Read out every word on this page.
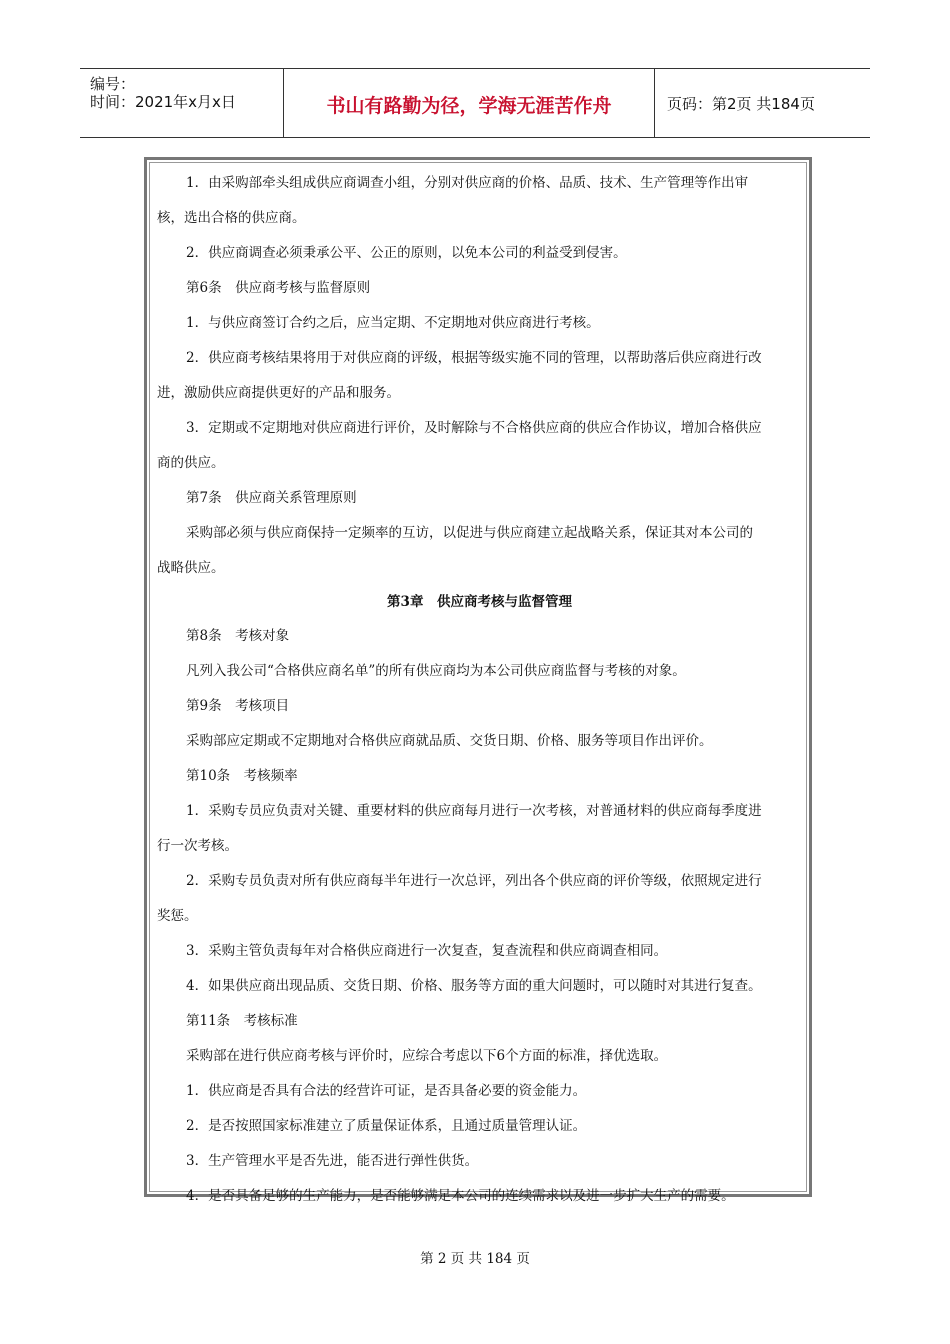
编号：
时间：2021年x月x日	书山有路勤为径，学海无涯苦作舟	页码：第2页 共184页

1．由采购部牵头组成供应商调查小组，分别对供应商的价格、品质、技术、生产管理等作出审

核，选出合格的供应商。

2．供应商调查必须秉承公平、公正的原则，以免本公司的利益受到侵害。

第6条　供应商考核与监督原则

1．与供应商签订合约之后，应当定期、不定期地对供应商进行考核。

2．供应商考核结果将用于对供应商的评级，根据等级实施不同的管理，以帮助落后供应商进行改

进，激励供应商提供更好的产品和服务。

3．定期或不定期地对供应商进行评价，及时解除与不合格供应商的供应合作协议，增加合格供应

商的供应。

第7条　供应商关系管理原则

采购部必须与供应商保持一定频率的互访，以促进与供应商建立起战略关系，保证其对本公司的

战略供应。

第3章　供应商考核与监督管理

第8条　考核对象

凡列入我公司“合格供应商名单”的所有供应商均为本公司供应商监督与考核的对象。

第9条　考核项目

采购部应定期或不定期地对合格供应商就品质、交货日期、价格、服务等项目作出评价。

第10条　考核频率

1．采购专员应负责对关键、重要材料的供应商每月进行一次考核，对普通材料的供应商每季度进

行一次考核。

2．采购专员负责对所有供应商每半年进行一次总评，列出各个供应商的评价等级，依照规定进行

奖惩。

3．采购主管负责每年对合格供应商进行一次复查，复查流程和供应商调查相同。

4．如果供应商出现品质、交货日期、价格、服务等方面的重大问题时，可以随时对其进行复查。

第11条　考核标准

采购部在进行供应商考核与评价时，应综合考虑以下6个方面的标准，择优选取。

1．供应商是否具有合法的经营许可证，是否具备必要的资金能力。

2．是否按照国家标准建立了质量保证体系，且通过质量管理认证。

3．生产管理水平是否先进，能否进行弹性供货。

4．是否具备足够的生产能力，是否能够满足本公司的连续需求以及进一步扩大生产的需要。

第 2 页 共 184 页
